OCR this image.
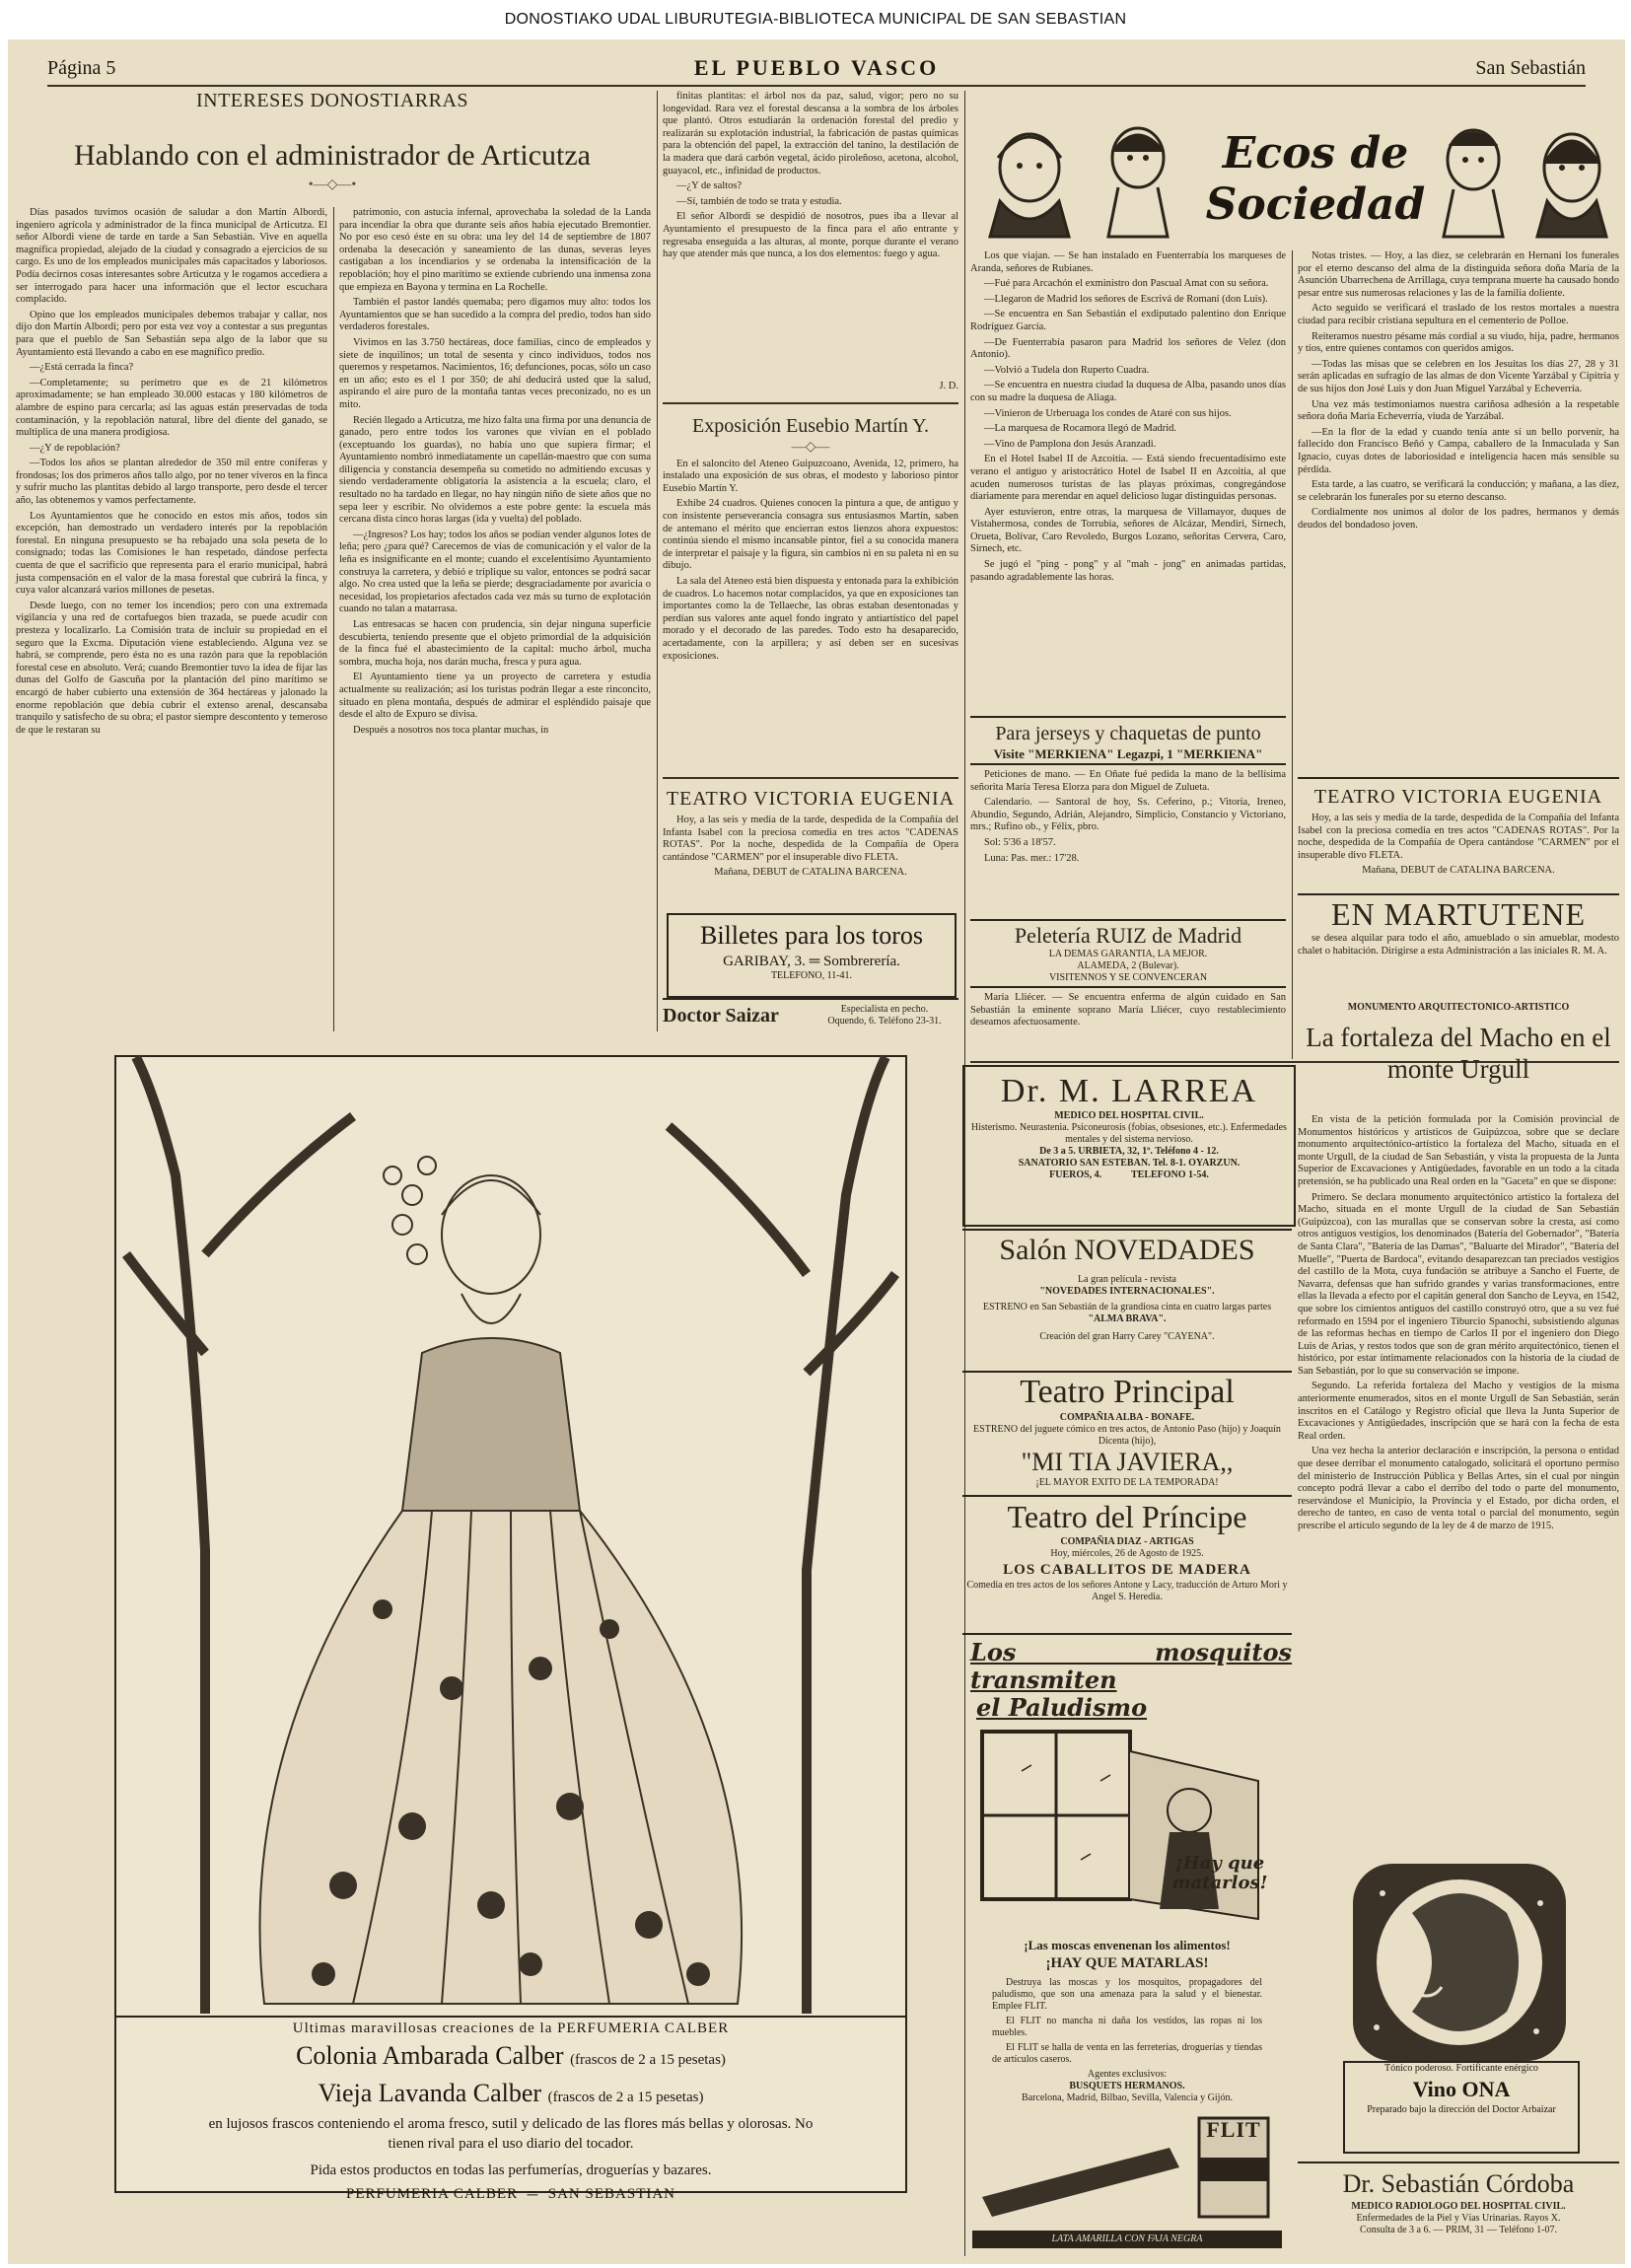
DONOSTIAKO UDAL LIBURUTEGIA-BIBLIOTECA MUNICIPAL DE SAN SEBASTIAN
Página 5	EL PUEBLO VASCO	San Sebastián
INTERESES DONOSTIARRAS
Hablando con el administrador de Articutza
•—◇—•

Días pasados tuvimos ocasión de saludar a don Martín Albordi, ingeniero agrícola y administrador de la finca municipal de Articutza. El señor Albordi viene de tarde en tarde a San Sebastián. Vive en aquella magnífica propiedad, alejado de la ciudad y consagrado a ejercicios de su cargo. Es uno de los empleados municipales más capacitados y laboriosos. Podía decirnos cosas interesantes sobre Articutza y le rogamos accediera a ser interrogado para hacer una información que el lector escuchara complacido.

Opino que los empleados municipales debemos trabajar y callar, nos dijo don Martín Albordi; pero por esta vez voy a contestar a sus preguntas para que el pueblo de San Sebastián sepa algo de la labor que su Ayuntamiento está llevando a cabo en ese magnífico predio.

—¿Está cerrada la finca?

—Completamente; su perímetro que es de 21 kilómetros aproximadamente; se han empleado 30.000 estacas y 180 kilómetros de alambre de espino para cercarla; así las aguas están preservadas de toda contaminación, y la repoblación natural, libre del diente del ganado, se multiplica de una manera prodigiosa.

—¿Y de repoblación?

—Todos los años se plantan alrededor de 350 mil entre coníferas y frondosas; los dos primeros años tallo algo, por no tener viveros en la finca y sufrir mucho las plantitas debido al largo transporte, pero desde el tercer año, las obtenemos y vamos perfectamente.

Los Ayuntamientos que he conocido en estos mis años, todos sin excepción, han demostrado un verdadero interés por la repoblación forestal. En ninguna presupuesto se ha rebajado una sola peseta de lo consignado; todas las Comisiones le han respetado, dándose perfecta cuenta de que el sacrificio que representa para el erario municipal, habrá justa compensación en el valor de la masa forestal que cubrirá la finca, y cuya valor alcanzará varios millones de pesetas.

Desde luego, con no temer los incendios; pero con una extremada vigilancia y una red de cortafuegos bien trazada, se puede acudir con presteza y localizarlo. La Comisión trata de incluir su propiedad en el seguro que la Excma. Diputación viene estableciendo. Alguna vez se habrá, se comprende, pero ésta no es una razón para que la repoblación forestal cese en absoluto. Verá; cuando Bremontier tuvo la idea de fijar las dunas del Golfo de Gascuña por la plantación del pino marítimo se encargó de haber cubierto una extensión de 364 hectáreas y jalonado la enorme repoblación que debía cubrir el extenso arenal, descansaba tranquilo y satisfecho de su obra; el pastor siempre descontento y temeroso de que le restaran su

patrimonio, con astucia infernal, aprovechaba la soledad de la Landa para incendiar la obra que durante seis años había ejecutado Bremontier. No por eso cesó éste en su obra: una ley del 14 de septiembre de 1807 ordenaba la desecación y saneamiento de las dunas, severas leyes castigaban a los incendiarios y se ordenaba la intensificación de la repoblación; hoy el pino marítimo se extiende cubriendo una inmensa zona que empieza en Bayona y termina en La Rochelle.

También el pastor landés quemaba; pero digamos muy alto: todos los Ayuntamientos que se han sucedido a la compra del predio, todos han sido verdaderos forestales.

Vivimos en las 3.750 hectáreas, doce familias, cinco de empleados y siete de inquilinos; un total de sesenta y cinco individuos, todos nos queremos y respetamos. Nacimientos, 16; defunciones, pocas, sólo un caso en un año; esto es el 1 por 350; de ahí deducirá usted que la salud, aspirando el aire puro de la montaña tantas veces preconizado, no es un mito.

Recién llegado a Articutza, me hizo falta una firma por una denuncia de ganado, pero entre todos los varones que vivían en el poblado (exceptuando los guardas), no había uno que supiera firmar; el Ayuntamiento nombró inmediatamente un capellán-maestro que con suma diligencia y constancia desempeña su cometido no admitiendo excusas y siendo verdaderamente obligatoria la asistencia a la escuela; claro, el resultado no ha tardado en llegar, no hay ningún niño de siete años que no sepa leer y escribir. No olvidemos a este pobre gente: la escuela más cercana dista cinco horas largas (ida y vuelta) del poblado.

—¿Ingresos? Los hay; todos los años se podían vender algunos lotes de leña; pero ¿para qué? Carecemos de vías de comunicación y el valor de la leña es insignificante en el monte; cuando el excelentísimo Ayuntamiento construya la carretera, y debió e triplique su valor, entonces se podrá sacar algo. No crea usted que la leña se pierde; desgraciadamente por avaricia o necesidad, los propietarios afectados cada vez más su turno de explotación cuando no talan a matarrasa.

Las entresacas se hacen con prudencia, sin dejar ninguna superficie descubierta, teniendo presente que el objeto primordial de la adquisición de la finca fué el abastecimiento de la capital: mucho árbol, mucha sombra, mucha hoja, nos darán mucha, fresca y pura agua.

El Ayuntamiento tiene ya un proyecto de carretera y estudia actualmente su realización; así los turistas podrán llegar a este rinconcito, situado en plena montaña, después de admirar el espléndido paisaje que desde el alto de Expuro se divisa.

Después a nosotros nos toca plantar muchas, in

finitas plantitas: el árbol nos da paz, salud, vigor; pero no su longevidad. Rara vez el forestal descansa a la sombra de los árboles que plantó. Otros estudiarán la ordenación forestal del predio y realizarán su explotación industrial, la fabricación de pastas químicas para la obtención del papel, la extracción del tanino, la destilación de la madera que dará carbón vegetal, ácido piroleñoso, acetona, alcohol, guayacol, etc., infinidad de productos.

—¿Y de saltos?

—Sí, también de todo se trata y estudia.

El señor Albordi se despidió de nosotros, pues iba a llevar al Ayuntamiento el presupuesto de la finca para el año entrante y regresaba enseguida a las alturas, al monte, porque durante el verano hay que atender más que nunca, a los dos elementos: fuego y agua.

J. D.
Exposición Eusebio Martín Y.
—◇—

En el saloncito del Ateneo Guipuzcoano, Avenida, 12, primero, ha instalado una exposición de sus obras, el modesto y laborioso pintor Eusebio Martín Y.

Exhibe 24 cuadros. Quienes conocen la pintura a que, de antiguo y con insistente perseverancia consagra sus entusiasmos Martín, saben de antemano el mérito que encierran estos lienzos ahora expuestos: continúa siendo el mismo incansable pintor, fiel a su conocida manera de interpretar el paisaje y la figura, sin cambios ni en su paleta ni en su dibujo.

La sala del Ateneo está bien dispuesta y entonada para la exhibición de cuadros. Lo hacemos notar complacidos, ya que en exposiciones tan importantes como la de Tellaeche, las obras estaban desentonadas y perdían sus valores ante aquel fondo ingrato y antiartístico del papel morado y el decorado de las paredes. Todo esto ha desaparecido, acertadamente, con la arpillera; y así deben ser en sucesivas exposiciones.

TEATRO VICTORIA EUGENIA

Hoy, a las seis y media de la tarde, despedida de la Compañía del Infanta Isabel con la preciosa comedia en tres actos "CADENAS ROTAS". Por la noche, despedida de la Compañía de Opera cantándose "CARMEN" por el insuperable divo FLETA.

Mañana, DEBUT de CATALINA BARCENA.

Billetes para los toros
GARIBAY, 3. ═ Sombrerería.
TELEFONO, 11-41.
Doctor Saizar	Especialista en pecho.
Oquendo, 6. Teléfono 23-31.
Ecos de Sociedad

Los que viajan. — Se han instalado en Fuenterrabía los marqueses de Aranda, señores de Rubianes.

—Fué para Arcachón el exministro don Pascual Amat con su señora.

—Llegaron de Madrid los señores de Escrivá de Romaní (don Luis).

—Se encuentra en San Sebastián el exdiputado palentino don Enrique Rodríguez García.

—De Fuenterrabía pasaron para Madrid los señores de Velez (don Antonio).

—Volvió a Tudela don Ruperto Cuadra.

—Se encuentra en nuestra ciudad la duquesa de Alba, pasando unos días con su madre la duquesa de Aliaga.

—Vinieron de Urberuaga los condes de Ataré con sus hijos.

—La marquesa de Rocamora llegó de Madrid.

—Vino de Pamplona don Jesús Aranzadi.

En el Hotel Isabel II de Azcoitia. — Está siendo frecuentadísimo este verano el antiguo y aristocrático Hotel de Isabel II en Azcoitia, al que acuden numerosos turistas de las playas próximas, congregándose diariamente para merendar en aquel delicioso lugar distinguidas personas.

Ayer estuvieron, entre otras, la marquesa de Villamayor, duques de Vistahermosa, condes de Torrubia, señores de Alcázar, Mendiri, Sirnech, Orueta, Bolívar, Caro Revoledo, Burgos Lozano, señoritas Cervera, Caro, Sirnech, etc.

Se jugó el "ping - pong" y al "mah - jong" en animadas partidas, pasando agradablemente las horas.

Notas tristes. — Hoy, a las diez, se celebrarán en Hernani los funerales por el eterno descanso del alma de la distinguida señora doña María de la Asunción Ubarrechena de Arrillaga, cuya temprana muerte ha causado hondo pesar entre sus numerosas relaciones y las de la familia doliente.

Acto seguido se verificará el traslado de los restos mortales a nuestra ciudad para recibir cristiana sepultura en el cementerio de Polloe.

Reiteramos nuestro pésame más cordial a su viudo, hija, padre, hermanos y tíos, entre quienes contamos con queridos amigos.

—Todas las misas que se celebren en los Jesuitas los días 27, 28 y 31 serán aplicadas en sufragio de las almas de don Vicente Yarzábal y Cipitria y de sus hijos don José Luis y don Juan Miguel Yarzábal y Echeverría.

Una vez más testimoniamos nuestra cariñosa adhesión a la respetable señora doña María Echeverría, viuda de Yarzábal.

—En la flor de la edad y cuando tenía ante sí un bello porvenir, ha fallecido don Francisco Beñó y Campa, caballero de la Inmaculada y San Ignacio, cuyas dotes de laboriosidad e inteligencia hacen más sensible su pérdida.

Esta tarde, a las cuatro, se verificará la conducción; y mañana, a las diez, se celebrarán los funerales por su eterno descanso.

Cordialmente nos unimos al dolor de los padres, hermanos y demás deudos del bondadoso joven.

Para jerseys y chaquetas de punto
Visite "MERKIENA" Legazpi, 1 "MERKIENA"

Peticiones de mano. — En Oñate fué pedida la mano de la bellísima señorita María Teresa Elorza para don Miguel de Zulueta.

Calendario. — Santoral de hoy, Ss. Ceferino, p.; Vitoria, Ireneo, Abundio, Segundo, Adrián, Alejandro, Simplicio, Constancio y Victoriano, mrs.; Rufino ob., y Félix, pbro.

Sol: 5'36 a 18'57.

Luna: Pas. mer.: 17'28.

Peletería RUIZ de Madrid
LA DEMAS GARANTIA, LA MEJOR.
ALAMEDA, 2 (Bulevar).
VISITENNOS Y SE CONVENCERAN

María Lliécer. — Se encuentra enferma de algún cuidado en San Sebastián la eminente soprano María Lliécer, cuyo restablecimiento deseamos afectuosamente.

TEATRO VICTORIA EUGENIA

Hoy, a las seis y media de la tarde, despedida de la Compañía del Infanta Isabel con la preciosa comedia en tres actos "CADENAS ROTAS". Por la noche, despedida de la Compañía de Opera cantándose "CARMEN" por el insuperable divo FLETA.

Mañana, DEBUT de CATALINA BARCENA.

EN MARTUTENE

se desea alquilar para todo el año, amueblado o sin amueblar, modesto chalet o habitación. Dirigirse a esta Administración a las iniciales R. M. A.

MONUMENTO ARQUITECTONICO-ARTISTICO
La fortaleza del Macho en el monte Urgull

En vista de la petición formulada por la Comisión provincial de Monumentos históricos y artísticos de Guipúzcoa, sobre que se declare monumento arquitectónico-artístico la fortaleza del Macho, situada en el monte Urgull, de la ciudad de San Sebastián, y vista la propuesta de la Junta Superior de Excavaciones y Antigüedades, favorable en un todo a la citada pretensión, se ha publicado una Real orden en la "Gaceta" en que se dispone:

Primero. Se declara monumento arquitectónico artístico la fortaleza del Macho, situada en el monte Urgull de la ciudad de San Sebastián (Guipúzcoa), con las murallas que se conservan sobre la cresta, así como otros antiguos vestigios, los denominados (Batería del Gobernador", "Batería de Santa Clara", "Batería de las Damas", "Baluarte del Mirador", "Batería del Muelle", "Puerta de Bardoca", evitando desaparezcan tan preciados vestigios del castillo de la Mota, cuya fundación se atribuye a Sancho el Fuerte, de Navarra, defensas que han sufrido grandes y varias transformaciones, entre ellas la llevada a efecto por el capitán general don Sancho de Leyva, en 1542, que sobre los cimientos antiguos del castillo construyó otro, que a su vez fué reformado en 1594 por el ingeniero Tiburcio Spanochi, subsistiendo algunas de las reformas hechas en tiempo de Carlos II por el ingeniero don Diego Luis de Arias, y restos todos que son de gran mérito arquitectónico, tienen el histórico, por estar íntimamente relacionados con la historia de la ciudad de San Sebastián, por lo que su conservación se impone.

Segundo. La referida fortaleza del Macho y vestigios de la misma anteriormente enumerados, sitos en el monte Urgull de San Sebastián, serán inscritos en el Catálogo y Registro oficial que lleva la Junta Superior de Excavaciones y Antigüedades, inscripción que se hará con la fecha de esta Real orden.

Una vez hecha la anterior declaración e inscripción, la persona o entidad que desee derribar el monumento catalogado, solicitará el oportuno permiso del ministerio de Instrucción Pública y Bellas Artes, sin el cual por ningún concepto podrá llevar a cabo el derribo del todo o parte del monumento, reservándose el Municipio, la Provincia y el Estado, por dicha orden, el derecho de tanteo, en caso de venta total o parcial del monumento, según prescribe el artículo segundo de la ley de 4 de marzo de 1915.

Tónico poderoso. Fortificante enérgico
Vino ONA
Preparado bajo la dirección del Doctor Arbaizar
Dr. Sebastián Córdoba
MEDICO RADIOLOGO DEL HOSPITAL CIVIL.
Enfermedades de la Piel y Vías Urinarias. Rayos X.
Consulta de 3 a 6. — PRIM, 31 — Teléfono 1-07.
Ultimas maravillosas creaciones de la PERFUMERIA CALBER
Colonia Ambarada Calber (frascos de 2 a 15 pesetas)
Vieja Lavanda Calber (frascos de 2 a 15 pesetas)
en lujosos frascos conteniendo el aroma fresco, sutil y delicado de las flores más bellas y olorosas. No tienen rival para el uso diario del tocador.
Pida estos productos en todas las perfumerías, droguerías y bazares.
PERFUMERIA CALBER  ═  SAN SEBASTIAN
Dr. M. LARREA
MEDICO DEL HOSPITAL CIVIL.
Histerismo. Neurastenia. Psiconeurosis (fobias, obsesiones, etc.). Enfermedades mentales y del sistema nervioso.
De 3 a 5. URBIETA, 32, 1º. Teléfono 4 - 12.
SANATORIO SAN ESTEBAN. Tel. 8-1. OYARZUN.
FUEROS, 4.            TELEFONO 1-54.
Salón NOVEDADES
La gran película - revista
"NOVEDADES INTERNACIONALES".
ESTRENO en San Sebastián de la grandiosa cinta en cuatro largas partes
"ALMA BRAVA".
Creación del gran Harry Carey "CAYENA".
Teatro Principal
COMPAÑIA ALBA - BONAFE.
ESTRENO del juguete cómico en tres actos, de Antonio Paso (hijo) y Joaquín Dicenta (hijo),
"MI TIA JAVIERA,,
¡EL MAYOR EXITO DE LA TEMPORADA!
Teatro del Príncipe
COMPAÑIA DIAZ - ARTIGAS
Hoy, miércoles, 26 de Agosto de 1925.
LOS CABALLITOS DE MADERA
Comedia en tres actos de los señores Antone y Lacy, traducción de Arturo Mori y Angel S. Heredia.
Los mosquitos transmiten
el Paludismo
¡Hay que matarlos!
¡Las moscas envenenan los alimentos!
¡HAY QUE MATARLAS!

Destruya las moscas y los mosquitos, propagadores del paludismo, que son una amenaza para la salud y el bienestar. Emplee FLIT.

El FLIT no mancha ni daña los vestidos, las ropas ni los muebles.

El FLIT se halla de venta en las ferreterías, droguerías y tiendas de artículos caseros.

Agentes exclusivos:
BUSQUETS HERMANOS.
Barcelona, Madrid, Bilbao, Sevilla, Valencia y Gijón.
FLIT
LATA AMARILLA CON FAJA NEGRA
